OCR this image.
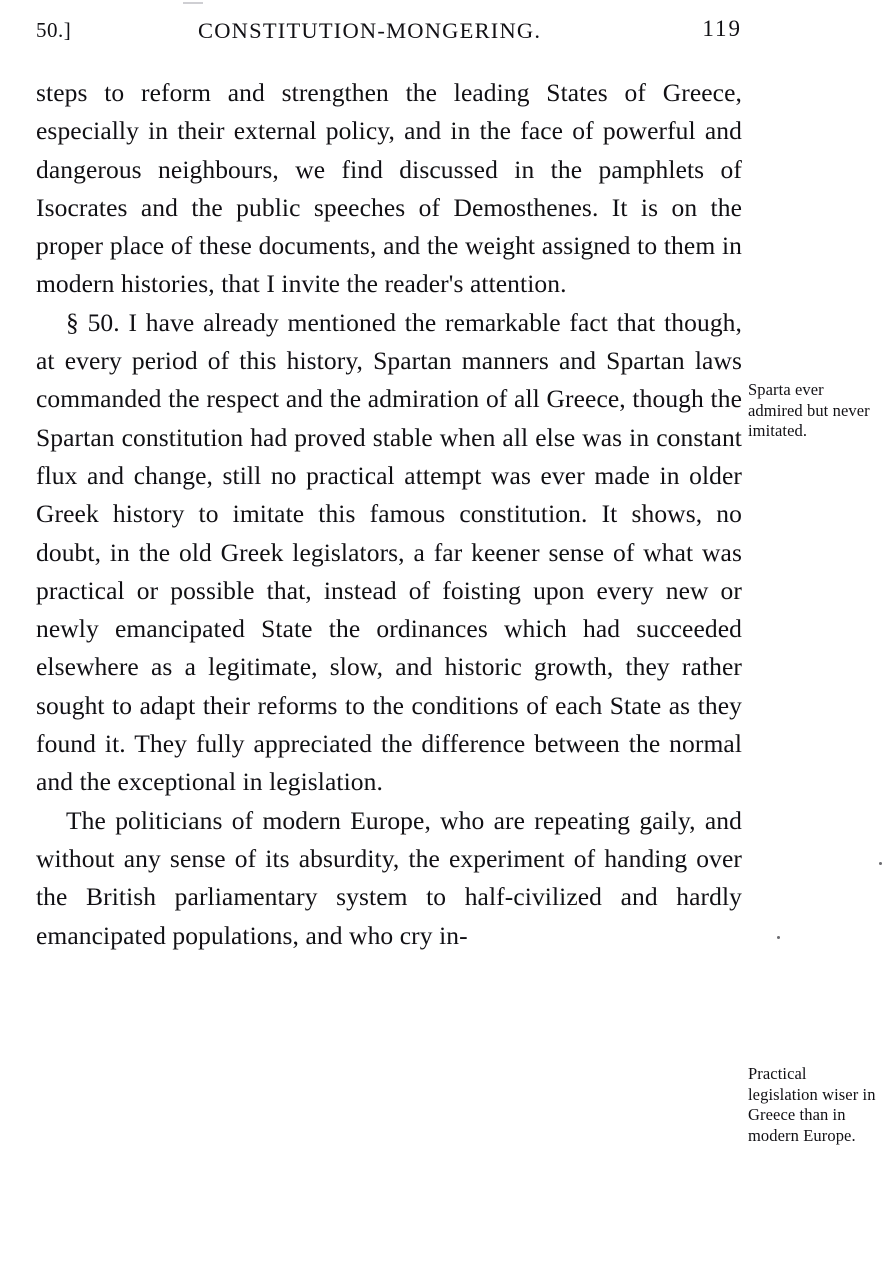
50.]	CONSTITUTION-MONGERING.	119

steps to reform and strengthen the leading States of Greece, especially in their external policy, and in the face of powerful and dangerous neighbours, we find discussed in the pamphlets of Isocrates and the public speeches of Demosthenes. It is on the proper place of these documents, and the weight assigned to them in modern histories, that I invite the reader's attention.

§ 50. I have already mentioned the remarkable fact that though, at every period of this history, Spartan manners and Spartan laws commanded the respect and the admiration of all Greece, though the Spartan constitution had proved stable when all else was in constant flux and change, still no practical attempt was ever made in older Greek history to imitate this famous constitution. It shows, no doubt, in the old Greek legislators, a far keener sense of what was practical or possible that, instead of foisting upon every new or newly emancipated State the ordinances which had succeeded elsewhere as a legitimate, slow, and historic growth, they rather sought to adapt their reforms to the conditions of each State as they found it. They fully appreciated the difference between the normal and the exceptional in legislation.

The politicians of modern Europe, who are repeating gaily, and without any sense of its absurdity, the experiment of handing over the British parliamentary system to half-civilized and hardly emancipated populations, and who cry in-

Sparta ever admired but never imitated.
Practical legislation wiser in Greece than in modern Europe.
